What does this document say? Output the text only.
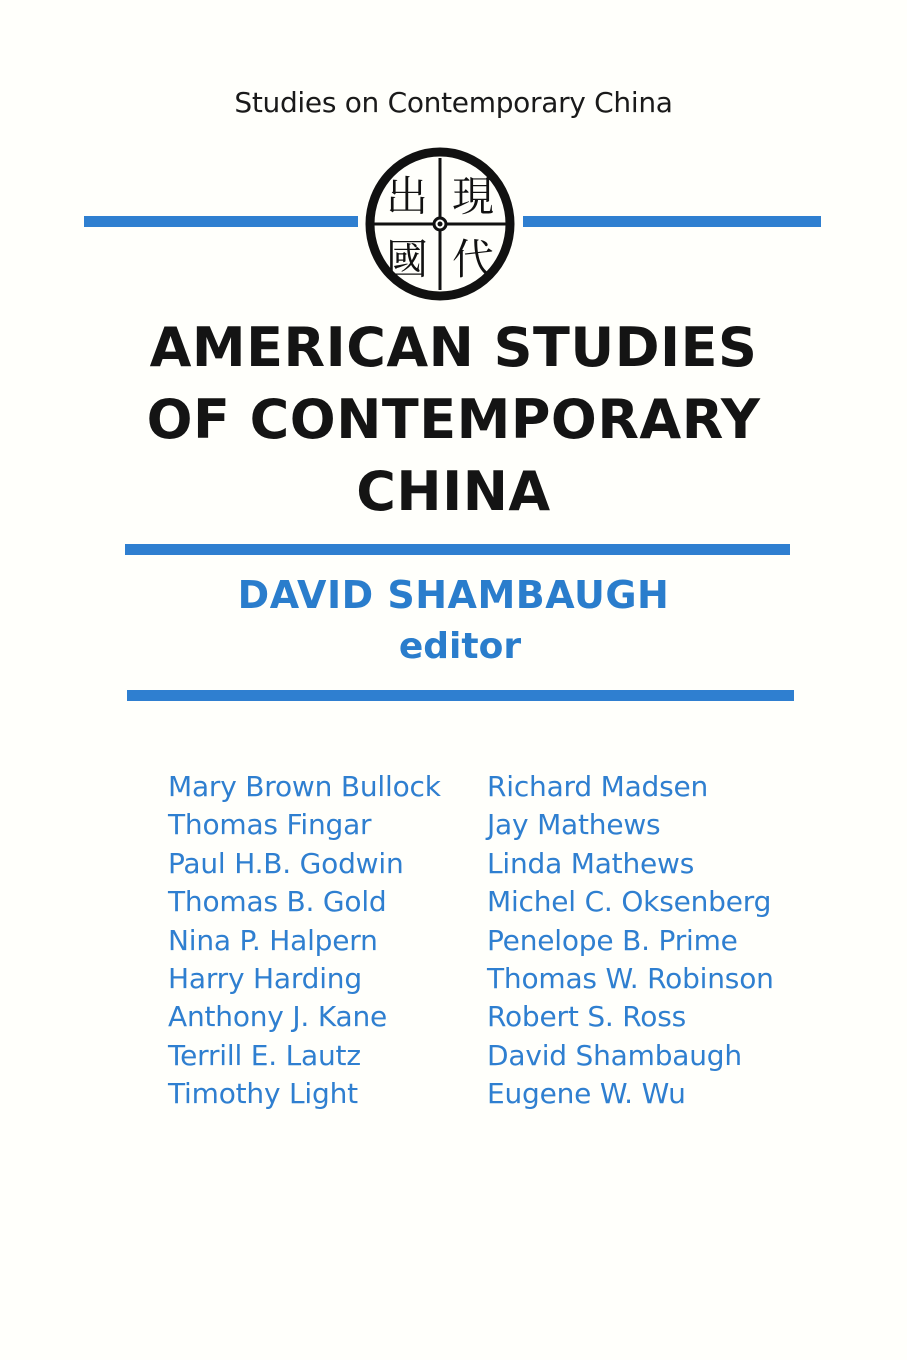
Studies on Contemporary China
出 現
代
國
AMERICAN STUDIES
OF CONTEMPORARY
CHINA
DAVID SHAMBAUGH
editor
Mary Brown Bullock
Thomas Fingar
Paul H.B. Godwin
Thomas B. Gold
Nina P. Halpern
Harry Harding
Anthony J. Kane
Terrill E. Lautz
Timothy Light
Richard Madsen
Jay Mathews
Linda Mathews
Michel C. Oksenberg
Penelope B. Prime
Thomas W. Robinson
Robert S. Ross
David Shambaugh
Eugene W. Wu
